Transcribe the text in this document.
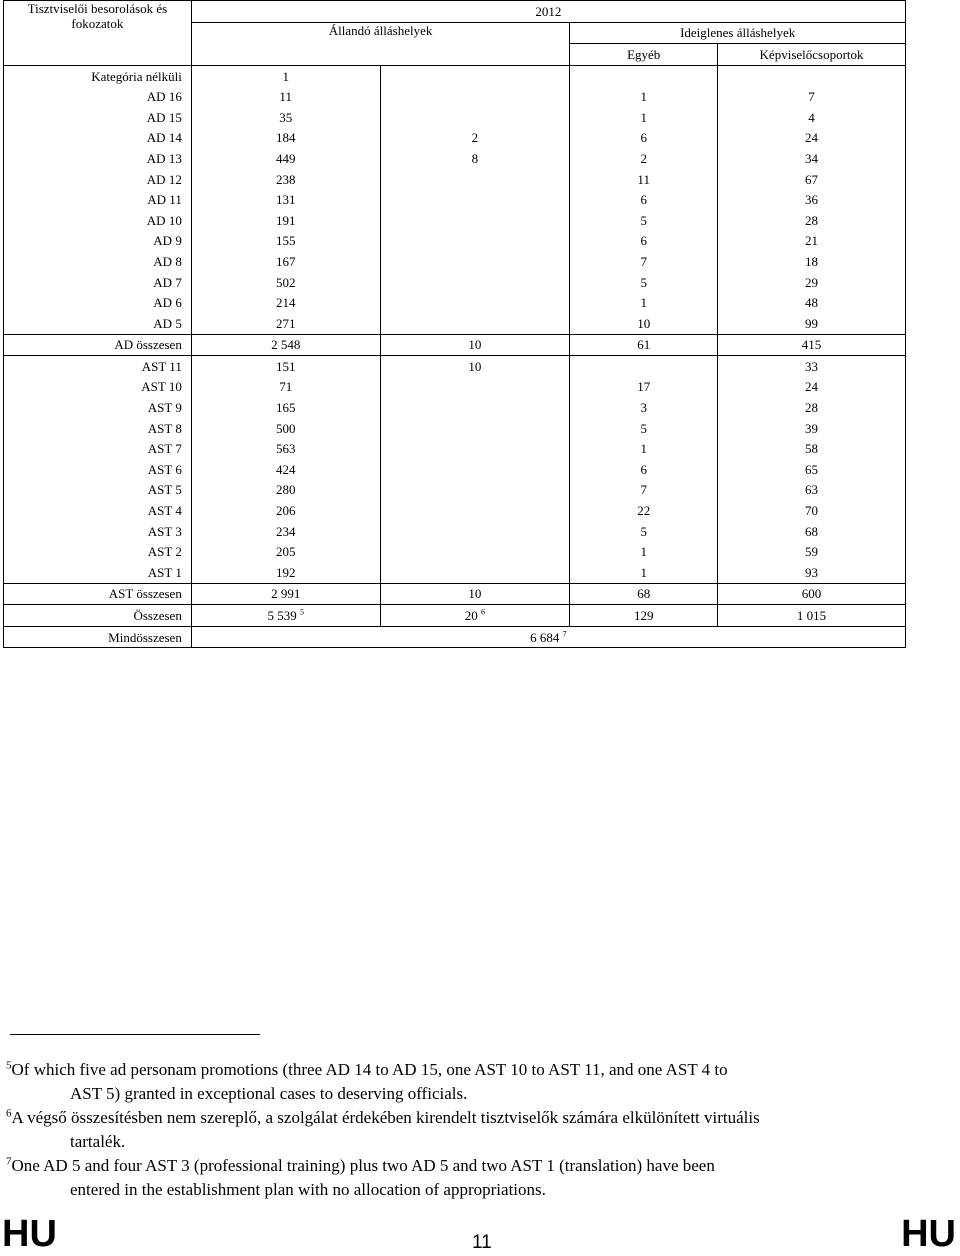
Tisztviselői besorolások és fokozatok	2012			
	Állandó álláshelyek		Ideiglenes álláshelyek	
			Egyéb	Képviselőcsoportok
Kategória nélküli	1			
AD 16	11		1	7
AD 15	35		1	4
AD 14	184	2	6	24
AD 13	449	8	2	34
AD 12	238		11	67
AD 11	131		6	36
AD 10	191		5	28
AD 9	155		6	21
AD 8	167		7	18
AD 7	502		5	29
AD 6	214		1	48
AD 5	271		10	99
AD összesen	2 548	10	61	415
AST 11	151	10		33
AST 10	71		17	24
AST 9	165		3	28
AST 8	500		5	39
AST 7	563		1	58
AST 6	424		6	65
AST 5	280		7	63
AST 4	206		22	70
AST 3	234		5	68
AST 2	205		1	59
AST 1	192		1	93
AST összesen	2 991	10	68	600
Összesen	5 539 $^5$	20 $^6$	129	1 015
Mindösszesen	6 684 $^7$
$^5$Of which five ad personam promotions (three AD 14 to AD 15, one AST 10 to AST 11, and one AST 4 to
AST 5) granted in exceptional cases to deserving officials.
$^6$A végső összesítésben nem szereplő, a szolgálat érdekében kirendelt tisztviselők számára elkülönített virtuális
tartalék.
$^7$One AD 5 and four AST 3 (professional training) plus two AD 5 and two AST 1 (translation) have been
entered in the establishment plan with no allocation of appropriations.
HU	11	HU
